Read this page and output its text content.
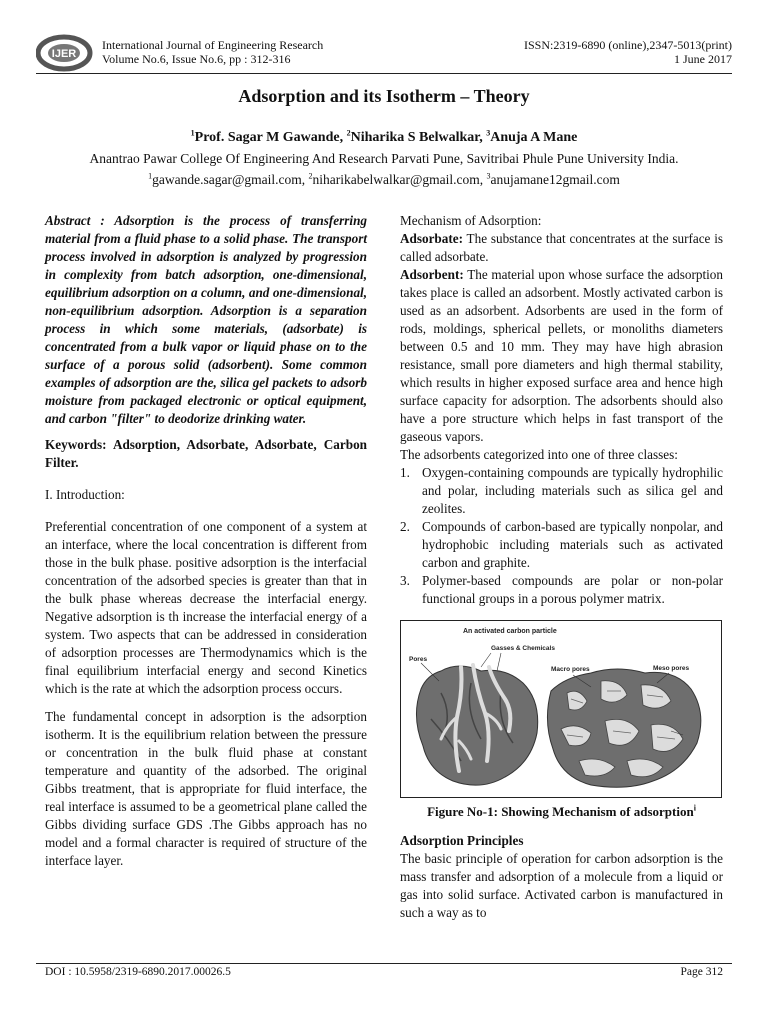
IJER
International Journal of Engineering Research
Volume No.6, Issue No.6, pp : 312-316
ISSN:2319-6890 (online),2347-5013(print)
1 June 2017
Adsorption and its Isotherm – Theory
$^1$Prof. Sagar M Gawande, $^2$Niharika S Belwalkar, $^3$Anuja A Mane
Anantrao Pawar College Of Engineering And Research Parvati Pune, Savitribai Phule Pune University India.
$^1$gawande.sagar@gmail.com, $^2$niharikabelwalkar@gmail.com, $^3$anujamane12gmail.com

Abstract : Adsorption is the process of transferring material from a fluid phase to a solid phase. The transport process involved in adsorption is analyzed by progression in complexity from batch adsorption, one-dimensional, equilibrium adsorption on a column, and one-dimensional, non-equilibrium adsorption. Adsorption is a separation process in which some materials, (adsorbate) is concentrated from a bulk vapor or liquid phase on to the surface of a porous solid (adsorbent). Some common examples of adsorption are the, silica gel packets to adsorb moisture from packaged electronic or optical equipment, and carbon "filter" to deodorize drinking water.

Keywords: Adsorption, Adsorbate, Adsorbate, Carbon Filter.

I. Introduction:

Preferential concentration of one component of a system at an interface, where the local concentration is different from those in the bulk phase. positive adsorption is the interfacial concentration of the adsorbed species is greater than that in the bulk phase whereas decrease the interfacial energy. Negative adsorption is th increase the interfacial energy of a system. Two aspects that can be addressed in consideration of adsorption processes are Thermodynamics which is the final equilibrium interfacial energy and second Kinetics which is the rate at which the adsorption process occurs.

The fundamental concept in adsorption is the adsorption isotherm. It is the equilibrium relation between the pressure or concentration in the bulk fluid phase at constant temperature and quantity of the adsorbed. The original Gibbs treatment, that is appropriate for fluid interface, the real interface is assumed to be a geometrical plane called the Gibbs dividing surface GDS .The Gibbs approach has no model and a formal character is required of structure of the interface layer.

Mechanism of Adsorption:

Adsorbate: The substance that concentrates at the surface is called adsorbate.

Adsorbent: The material upon whose surface the adsorption takes place is called an adsorbent. Mostly activated carbon is used as an adsorbent. Adsorbents are used in the form of rods, moldings, spherical pellets, or monoliths diameters between 0.5 and 10 mm. They may have high abrasion resistance, small pore diameters and high thermal stability, which results in higher exposed surface area and hence high surface capacity for adsorption. The adsorbents should also have a pore structure which helps in fast transport of the gaseous vapors.

The adsorbents categorized into one of three classes:

1. Oxygen-containing compounds are typically hydrophilic and polar, including materials such as silica gel and zeolites.
2. Compounds of carbon-based are typically nonpolar, and hydrophobic including materials such as activated carbon and graphite.
3. Polymer-based compounds are polar or non-polar functional groups in a porous polymer matrix.
An activated carbon particle
Gasses & Chemicals
Pores
Macro pores	Meso pores

Figure No-1: Showing Mechanism of adsorption$^i$

Adsorption Principles

The basic principle of operation for carbon adsorption is the mass transfer and adsorption of a molecule from a liquid or gas into solid surface. Activated carbon is manufactured in such a way as to

DOI : 10.5958/2319-6890.2017.00026.5	Page 312
